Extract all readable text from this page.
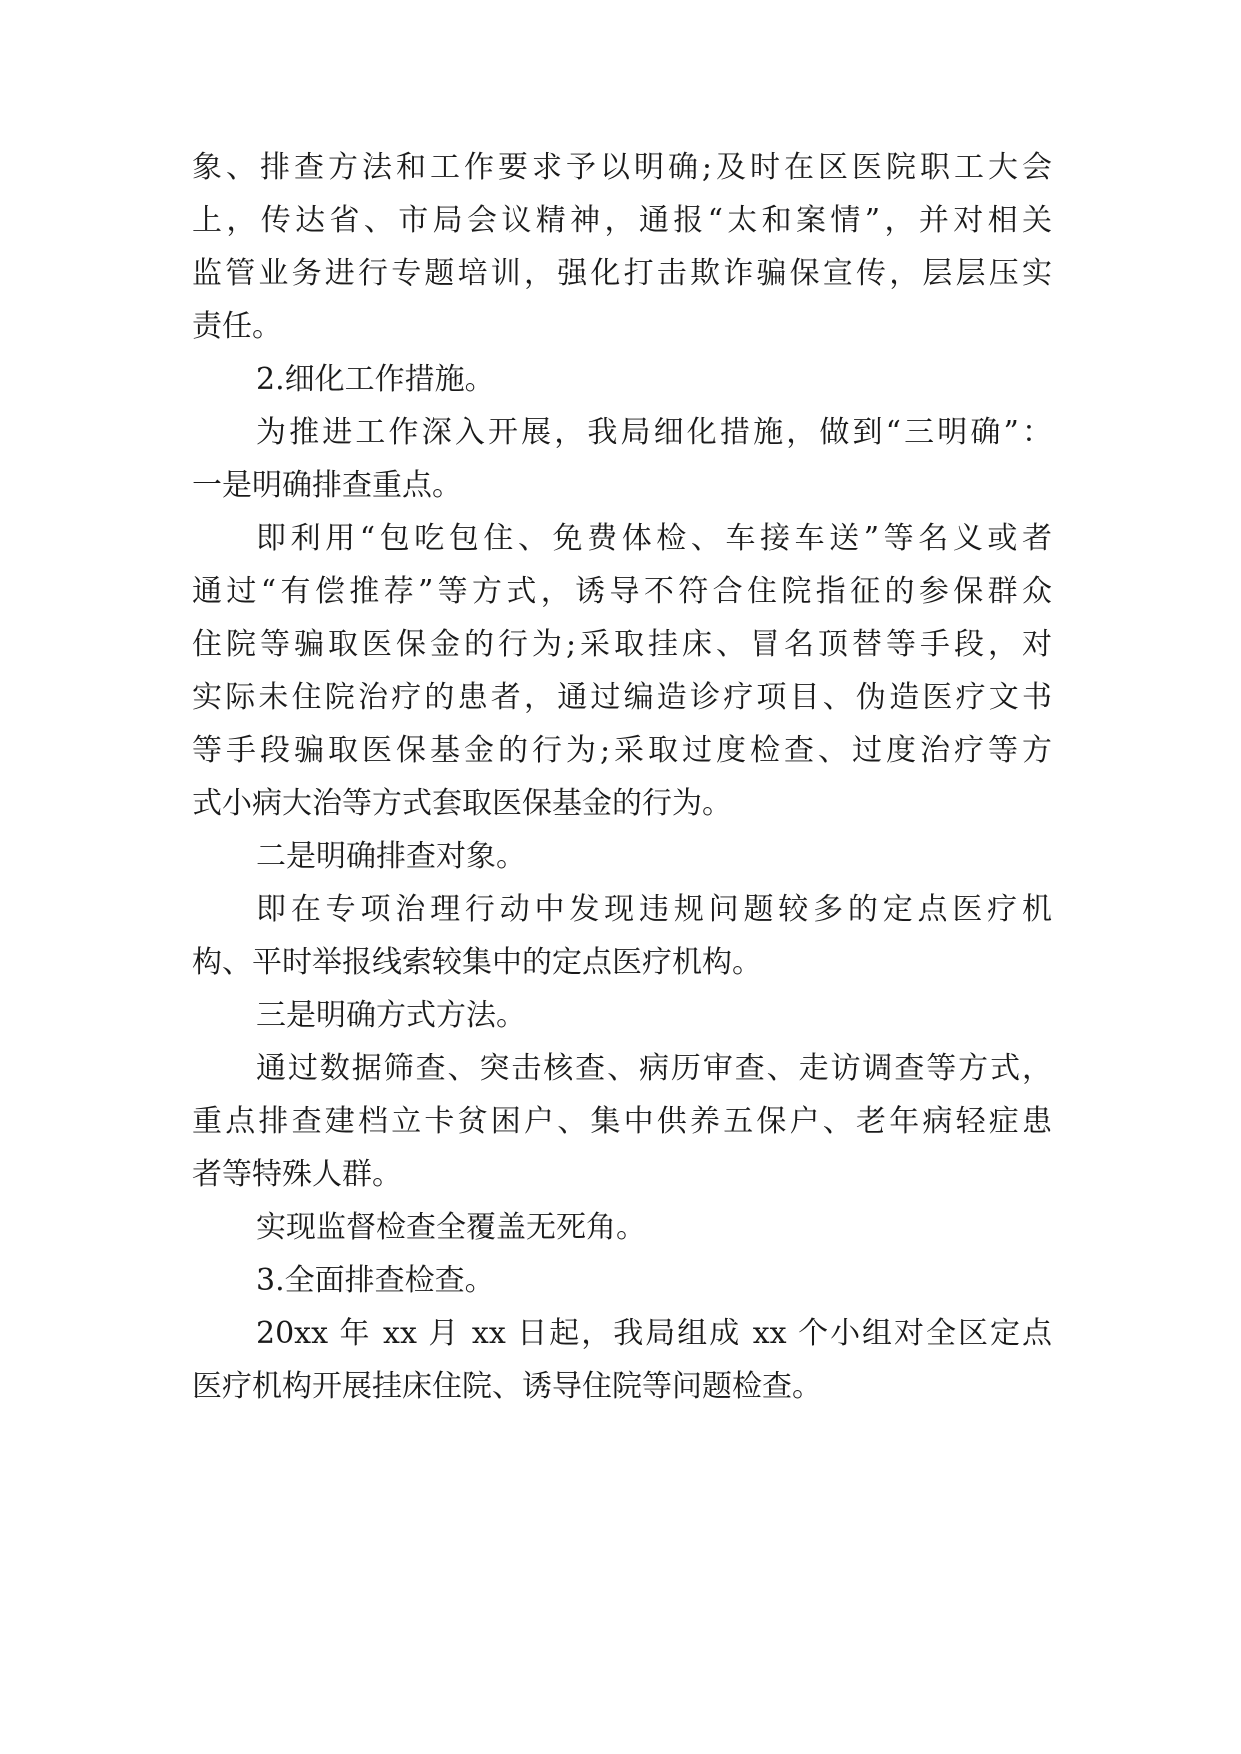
象、排查方法和工作要求予以明确;及时在区医院职工大会
上，传达省、市局会议精神，通报“太和案情”，并对相关
监管业务进行专题培训，强化打击欺诈骗保宣传，层层压实
责任。
2.细化工作措施。
为推进工作深入开展，我局细化措施，做到“三明确”：
一是明确排查重点。
即利用“包吃包住、免费体检、车接车送”等名义或者
通过“有偿推荐”等方式，诱导不符合住院指征的参保群众
住院等骗取医保金的行为;采取挂床、冒名顶替等手段，对
实际未住院治疗的患者，通过编造诊疗项目、伪造医疗文书
等手段骗取医保基金的行为;采取过度检查、过度治疗等方
式小病大治等方式套取医保基金的行为。
二是明确排查对象。
即在专项治理行动中发现违规问题较多的定点医疗机
构、平时举报线索较集中的定点医疗机构。
三是明确方式方法。
通过数据筛查、突击核查、病历审查、走访调查等方式，
重点排查建档立卡贫困户、集中供养五保户、老年病轻症患
者等特殊人群。
实现监督检查全覆盖无死角。
3.全面排查检查。
20xx 年 xx 月 xx 日起，我局组成 xx 个小组对全区定点
医疗机构开展挂床住院、诱导住院等问题检查。
